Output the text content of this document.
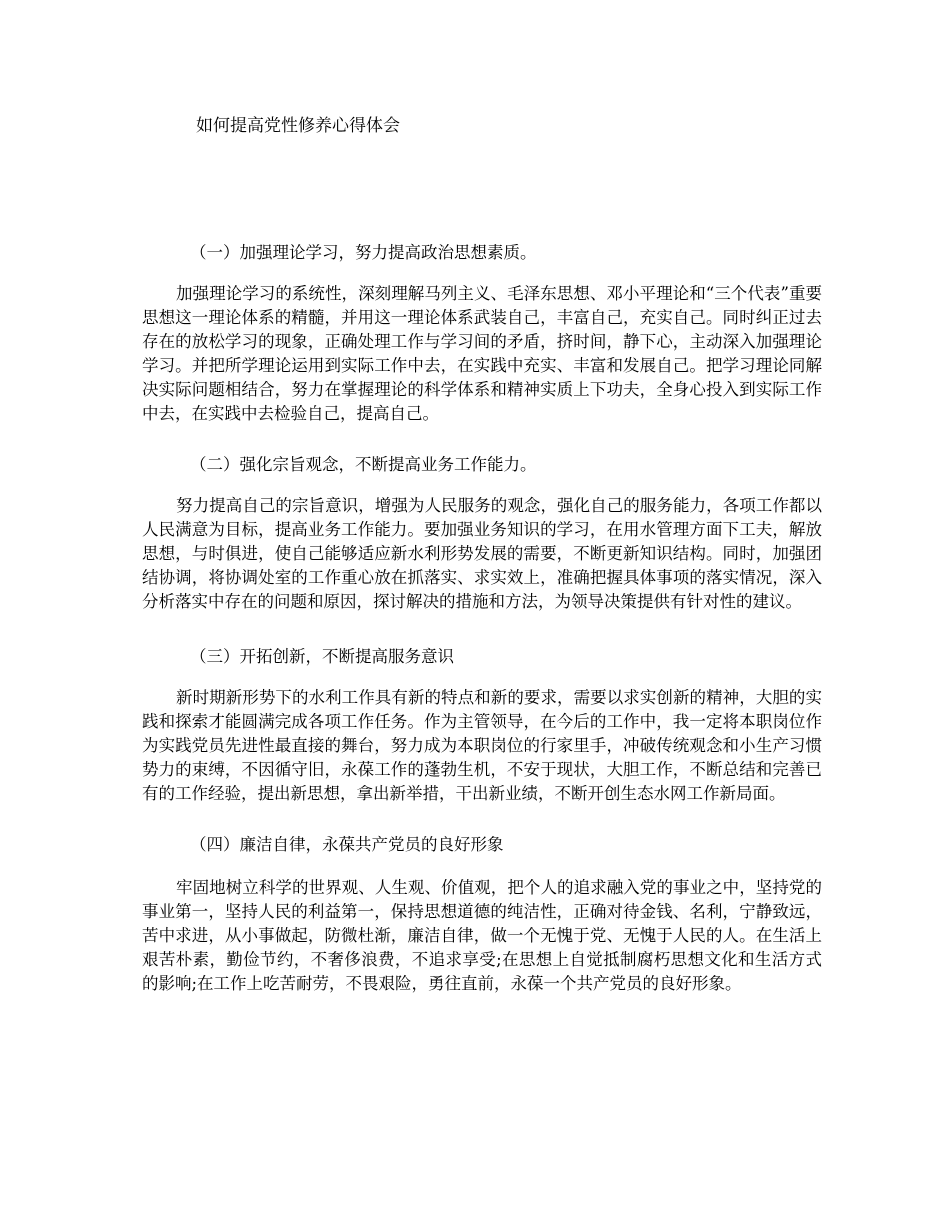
如何提高党性修养心得体会
（一）加强理论学习，努力提高政治思想素质。
加强理论学习的系统性，深刻理解马列主义、毛泽东思想、邓小平理论和“三个代表”重要思想这一理论体系的精髓，并用这一理论体系武装自己，丰富自己，充实自己。同时纠正过去存在的放松学习的现象，正确处理工作与学习间的矛盾，挤时间，静下心，主动深入加强理论学习。并把所学理论运用到实际工作中去，在实践中充实、丰富和发展自己。把学习理论同解决实际问题相结合，努力在掌握理论的科学体系和精神实质上下功夫，全身心投入到实际工作中去，在实践中去检验自己，提高自己。
（二）强化宗旨观念，不断提高业务工作能力。
努力提高自己的宗旨意识，增强为人民服务的观念，强化自己的服务能力，各项工作都以人民满意为目标，提高业务工作能力。要加强业务知识的学习，在用水管理方面下工夫，解放思想，与时俱进，使自己能够适应新水利形势发展的需要，不断更新知识结构。同时，加强团结协调，将协调处室的工作重心放在抓落实、求实效上，准确把握具体事项的落实情况，深入分析落实中存在的问题和原因，探讨解决的措施和方法，为领导决策提供有针对性的建议。
（三）开拓创新，不断提高服务意识
新时期新形势下的水利工作具有新的特点和新的要求，需要以求实创新的精神，大胆的实践和探索才能圆满完成各项工作任务。作为主管领导，在今后的工作中，我一定将本职岗位作为实践党员先进性最直接的舞台，努力成为本职岗位的行家里手，冲破传统观念和小生产习惯势力的束缚，不因循守旧，永葆工作的蓬勃生机，不安于现状，大胆工作，不断总结和完善已有的工作经验，提出新思想，拿出新举措，干出新业绩，不断开创生态水网工作新局面。
（四）廉洁自律，永葆共产党员的良好形象
牢固地树立科学的世界观、人生观、价值观，把个人的追求融入党的事业之中，坚持党的事业第一，坚持人民的利益第一，保持思想道德的纯洁性，正确对待金钱、名利，宁静致远，苦中求进，从小事做起，防微杜渐，廉洁自律，做一个无愧于党、无愧于人民的人。在生活上艰苦朴素，勤俭节约，不奢侈浪费，不追求享受;在思想上自觉抵制腐朽思想文化和生活方式的影响;在工作上吃苦耐劳，不畏艰险，勇往直前，永葆一个共产党员的良好形象。
